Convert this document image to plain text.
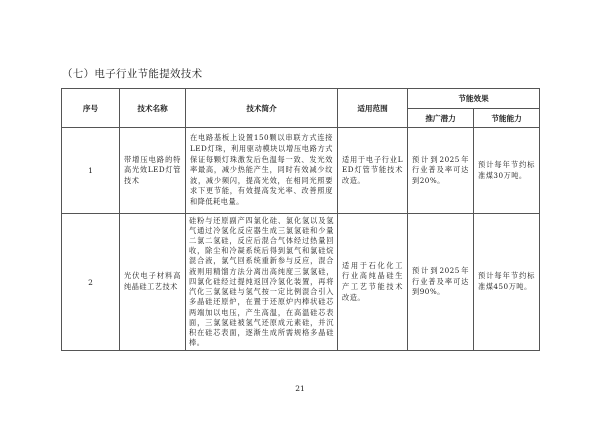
（七）电子行业节能提效技术
序号	技术名称	技术简介	适用范围	节能效果	
				推广潜力	节能能力
1	带增压电路的特高光效LED灯管技术	在电路基板上设置150颗以串联方式连接LED灯珠，利用驱动模块以增压电路方式保证每颗灯珠激发后色温每一致、发光效率最高，减少热能产生，同时有效减少纹波，减少频闪，提高光效，在相同光照要求下更节能，有效提高发光率、改善照度和降低耗电量。	适用于电子行业LED灯管节能技术改造。	预计到2025年行业普及率可达到20%。	预计每年节约标准煤30万吨。

2	光伏电子材料高纯晶硅工艺技术	硅粉与还原副产四氯化硅、氯化氢以及氢气通过冷氢化反应器生成三氯氢硅和少量二氯二氢硅，反应后混合气体经过热量回收，除尘和冷凝系统后得到氯气和氯硅烷混合液，氯气回系统重新参与反应，混合液则用精馏方法分离出高纯度三氯氢硅，四氯化硅经过提纯返回冷氢化装置，再将汽化三氯氢硅与氢气按一定比例混合引入多晶硅还原炉，在置于还原炉内棒状硅芯两端加以电压，产生高温，在高温硅芯表面，三氯氢硅被氢气还原成元素硅，并沉积在硅芯表面，逐渐生成所需规格多晶硅棒。	适用于石化化工行业高纯晶硅生产工艺节能技术改造。	预计到2025年行业普及率可达到90%。	预计每年节约标准煤450万吨。
21
